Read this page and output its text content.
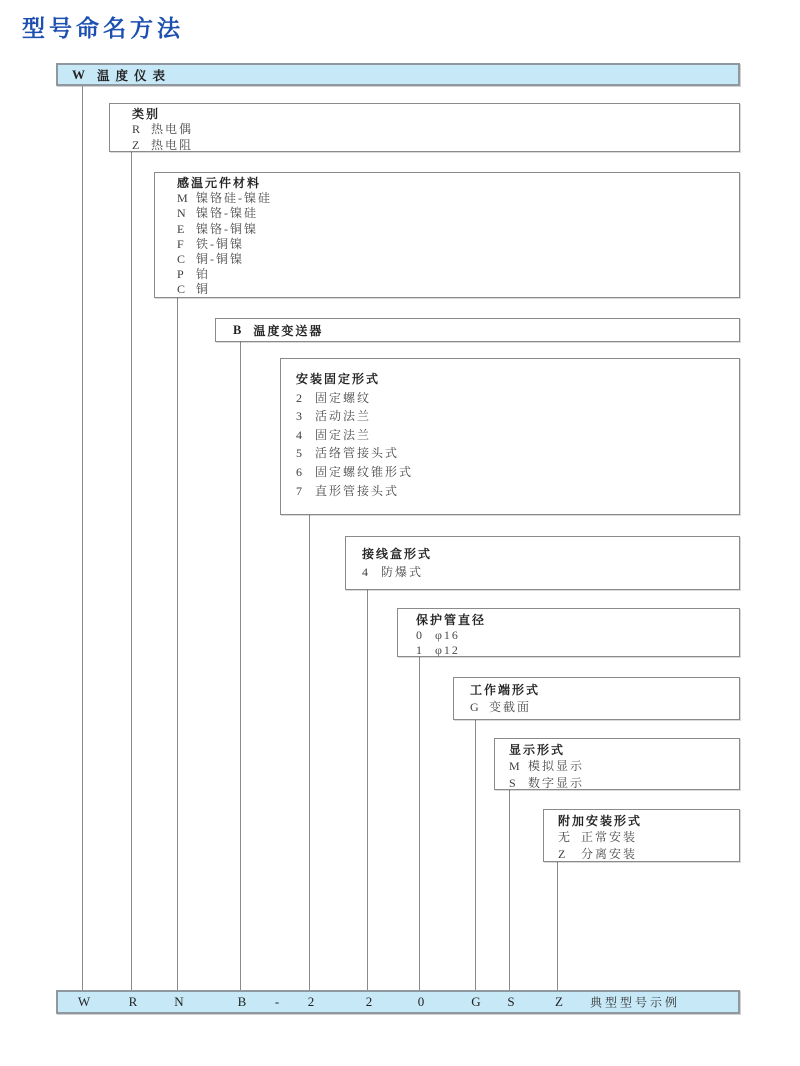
型号命名方法
W 温度仪表
类别
R 热电偶
Z 热电阻
感温元件材料
M 镍铬硅-镍硅
N 镍铬-镍硅
E 镍铬-铜镍
F 铁-铜镍
C 铜-铜镍
P 铂
C 铜
B 温度变送器
安装固定形式
2 固定螺纹
3 活动法兰
4 固定法兰
5 活络管接头式
6 固定螺纹锥形式
7 直形管接头式
接线盒形式
4 防爆式
保护管直径
0 φ16
1 φ12
工作端形式
G 变截面
显示形式
M 模拟显示
S 数字显示
附加安装形式
无 正常安装
Z 分离安装
W	R	N	B - 2	2	0	G S	Z 典型型号示例
